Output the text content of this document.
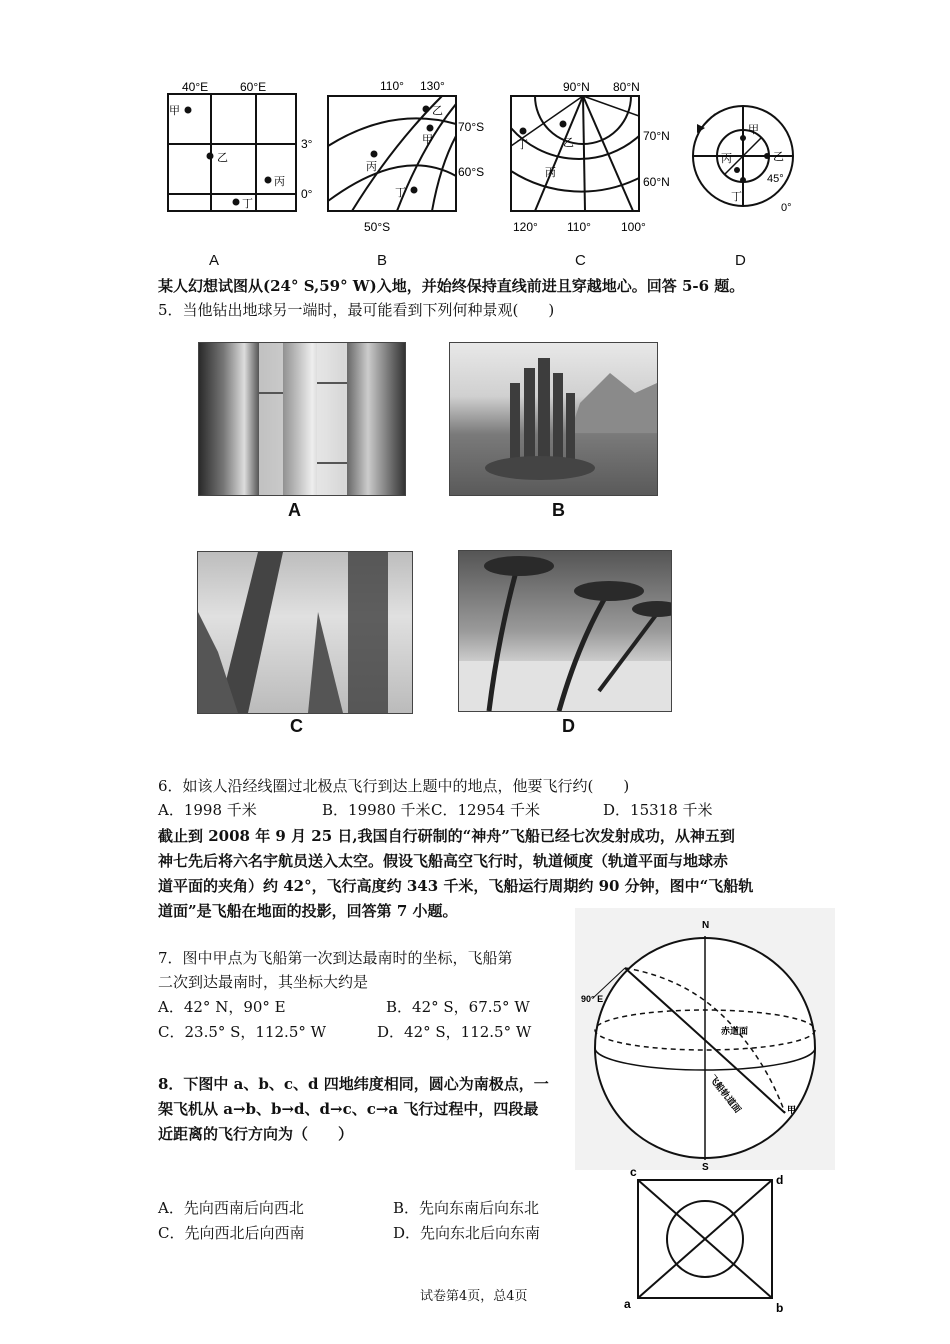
40°E	60°E
3°
0°
甲
乙
丙
丁
110° 130°
70°S
60°S
50°S
乙
甲
丙
丁
90°N 80°N
70°N
60°N
120° 110°	100°
丁	乙
丙
甲
乙
丙
丁
45°
0°
A	B	C	D
某人幻想试图从(24° S,59° W)入地，并始终保持直线前进且穿越地心。回答 5-6 题。
5．当他钻出地球另一端时，最可能看到下列何种景观(　　)
A	B
C	D
6．如该人沿经线圈过北极点飞行到达上题中的地点，他要飞行约(　　)
A．1998 千米	B．19980 千米 C．12954 千米	D．15318 千米
截止到 2008 年 9 月 25 日,我国自行研制的“神舟”飞船已经七次发射成功，从神五到
神七先后将六名宇航员送入太空。假设飞船高空飞行时，轨道倾度（轨道平面与地球赤
道平面的夹角）约 42°，飞行高度约 343 千米，飞船运行周期约 90 分钟，图中“飞船轨
道面”是飞船在地面的投影，回答第 7 小题。
7．图中甲点为飞船第一次到达最南时的坐标，飞船第
二次到达最南时，其坐标大约是
A．42° N，90° E	B．42° S，67.5° W
C．23.5° S，112.5° W	D．42° S，112.5° W
N
S
90° E
赤道面
飞船轨道面	甲
8．下图中 a、b、c、d 四地纬度相同，圆心为南极点，一
架飞机从 a→b、b→d、d→c、c→a 飞行过程中，四段最
近距离的飞行方向为（　　）
A．先向西南后向西北	B．先向东南后向东北
C．先向西北后向西南	D．先向东北后向东南
c
d
a	b
试卷第4页，总4页
